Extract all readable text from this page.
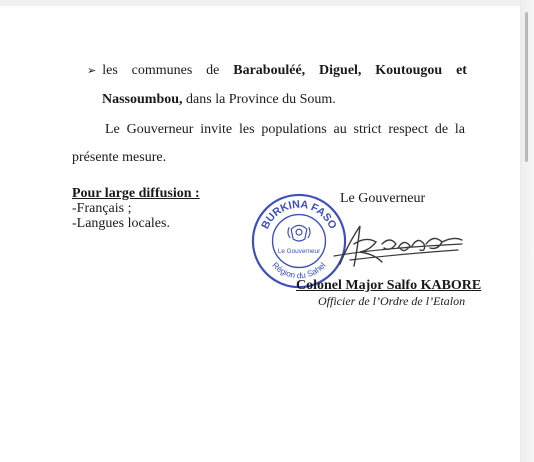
➢ les communes de Barabouléé, Diguel, Koutougou et
Nassoumbou, dans la Province du Soum.
Le Gouverneur invite les populations au strict respect de la
présente mesure.
Pour large diffusion :
-Français ;
-Langues locales.
Le Gouverneur
BURKINA FASO
Région du Sahel
Le Gouverneur
Colonel Major Salfo KABORE
Officier de l’Ordre de l’Etalon
